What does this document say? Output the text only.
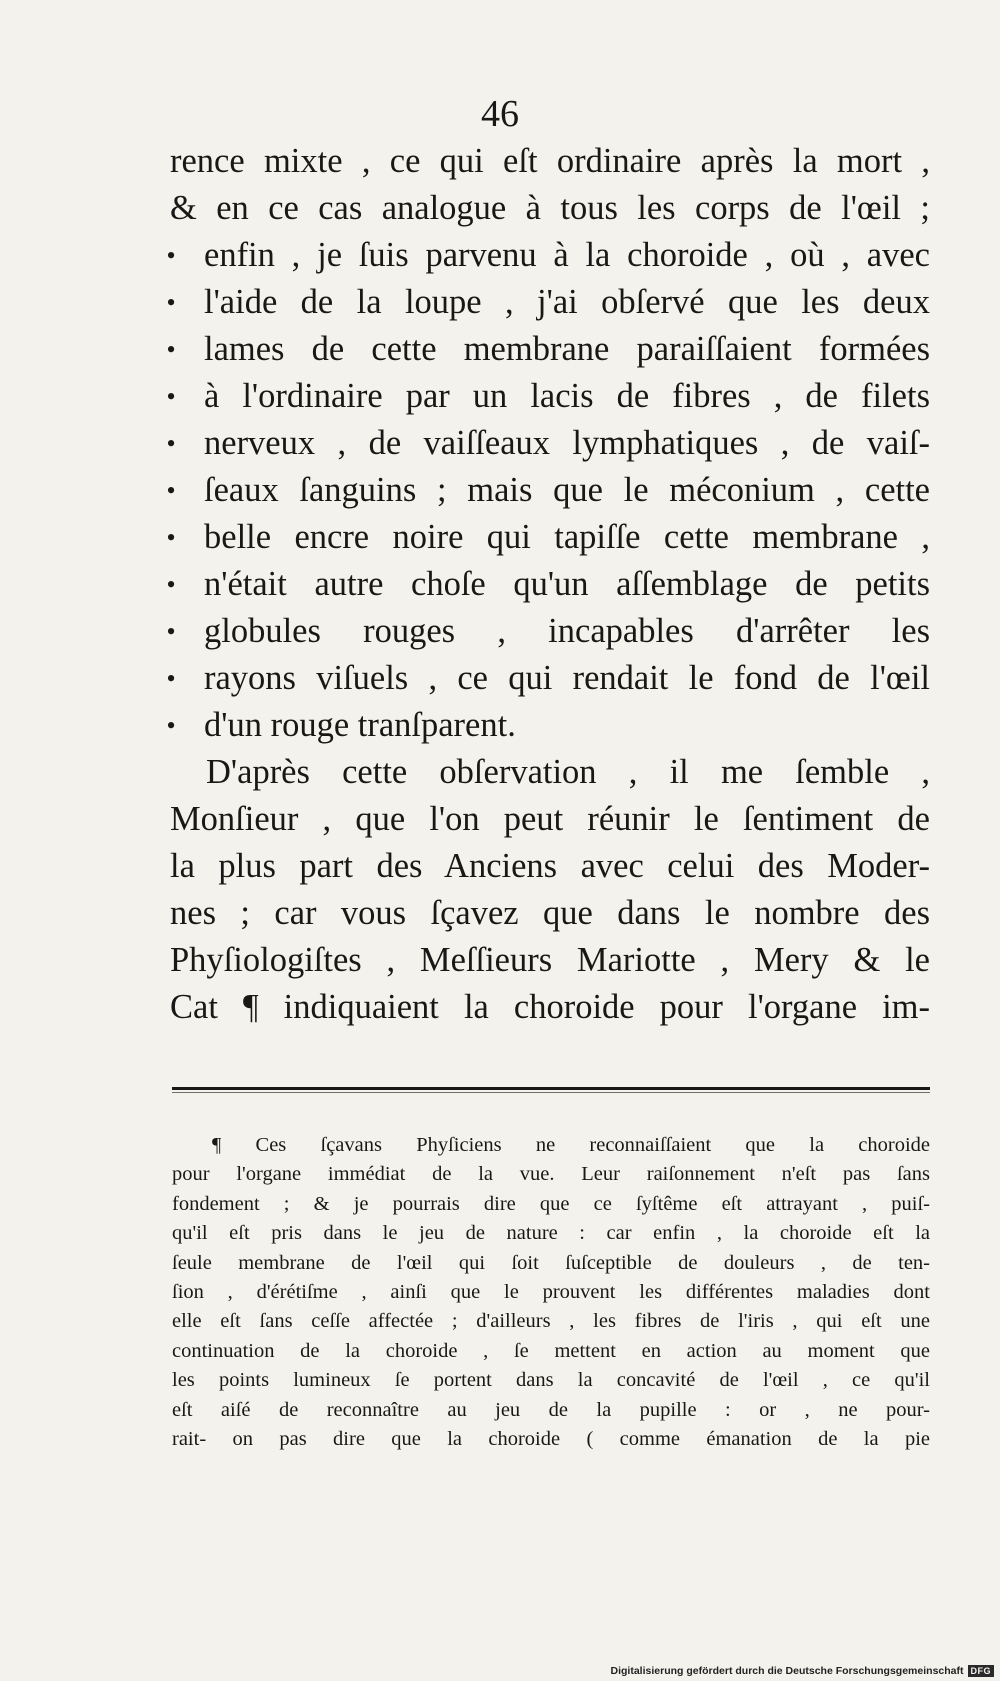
46
rence mixte , ce qui eſt ordinaire après la mort ,
& en ce cas analogue à tous les corps de l'œil ;
enfin , je ſuis parvenu à la choroide , où , avec
•
l'aide de la loupe , j'ai obſervé que les deux
•
lames de cette membrane paraiſſaient formées
•
à l'ordinaire par un lacis de fibres , de filets
•
nerveux , de vaiſſeaux lymphatiques , de vaiſ-
•
ſeaux ſanguins ; mais que le méconium , cette
•
belle encre noire qui tapiſſe cette membrane ,
•
n'était autre choſe qu'un aſſemblage de petits
•
globules rouges , incapables d'arrêter les
•
rayons viſuels , ce qui rendait le fond de l'œil
•
d'un rouge tranſparent.
•
D'après cette obſervation , il me ſemble ,
Monſieur , que l'on peut réunir le ſentiment de
la plus part des Anciens avec celui des Moder-
nes ; car vous ſçavez que dans le nombre des
Phyſiologiſtes , Meſſieurs Mariotte , Mery & le
Cat ¶ indiquaient la choroide pour l'organe im-
¶ Ces ſçavans Phyſiciens ne reconnaiſſaient que la choroide
pour l'organe immédiat de la vue. Leur raiſonnement n'eſt pas ſans
fondement ; & je pourrais dire que ce ſyſtême eſt attrayant , puiſ-
qu'il eſt pris dans le jeu de nature : car enfin , la choroide eſt la
ſeule membrane de l'œil qui ſoit ſuſceptible de douleurs , de ten-
ſion , d'érétiſme , ainſi que le prouvent les différentes maladies dont
elle eſt ſans ceſſe affectée ; d'ailleurs , les fibres de l'iris , qui eſt une
continuation de la choroide , ſe mettent en action au moment que
les points lumineux ſe portent dans la concavité de l'œil , ce qu'il
eſt aiſé de reconnaître au jeu de la pupille : or , ne pour-
rait- on pas dire que la choroide ( comme émanation de la pie
Digitalisierung gefördert durch die Deutsche Forschungsgemeinschaft DFG
